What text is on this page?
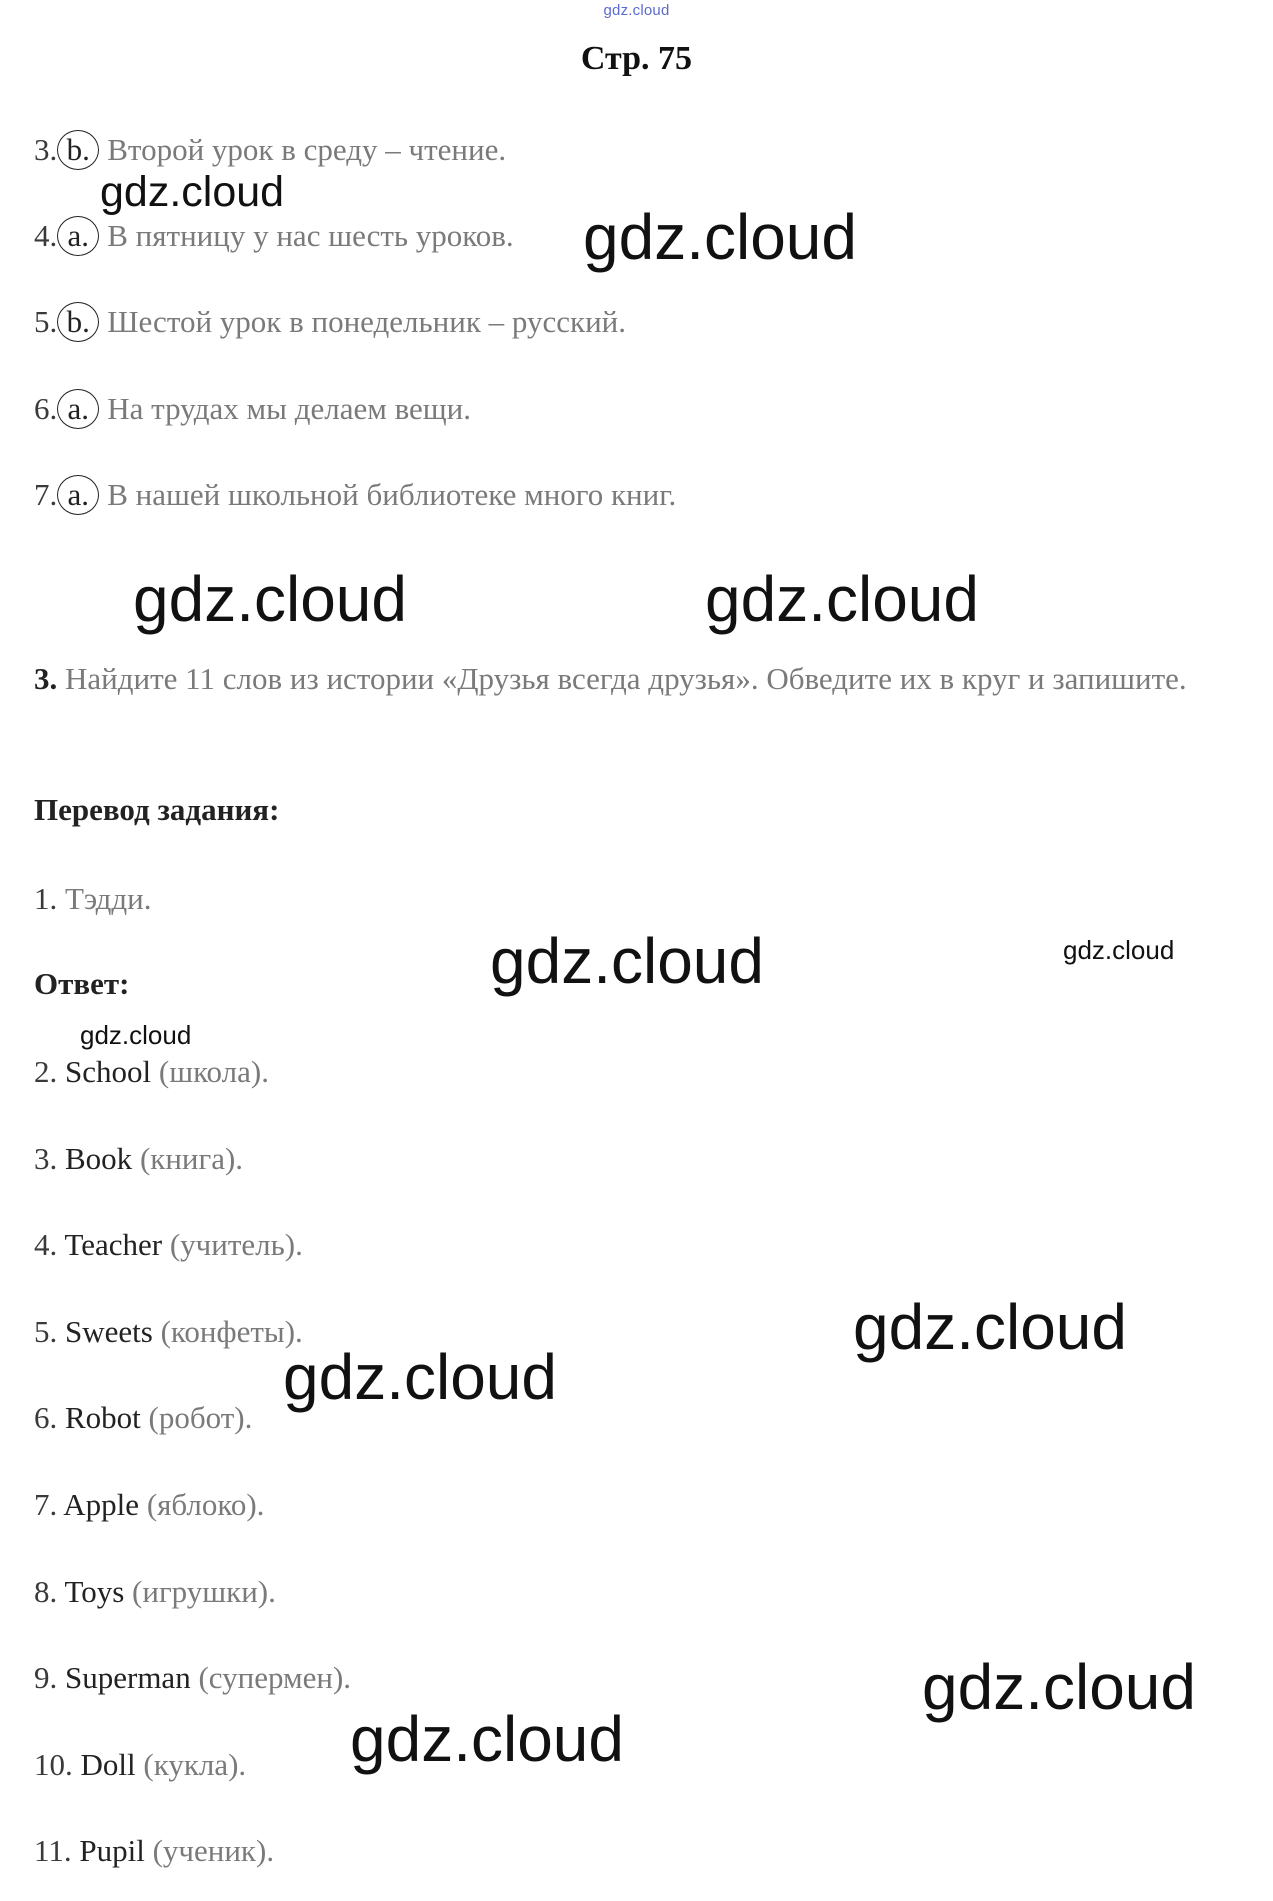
gdz.cloud
Стр. 75
3. b. Второй урок в среду – чтение.
4. a. В пятницу у нас шесть уроков.
5. b. Шестой урок в понедельник – русский.
6. a. На трудах мы делаем вещи.
7. a. В нашей школьной библиотеке много книг.
3. Найдите 11 слов из истории «Друзья всегда друзья». Обведите их в круг и запишите.
Перевод задания:
1. Тэдди.
Ответ:
2. School (школа).
3. Book (книга).
4. Teacher (учитель).
5. Sweets (конфеты).
6. Robot (робот).
7. Apple (яблоко).
8. Toys (игрушки).
9. Superman (супермен).
10. Doll (кукла).
11. Pupil (ученик).
gdz.cloud
gdz.cloud
gdz.cloud	gdz.cloud
gdz.cloud
gdz.cloud
gdz.cloud
gdz.cloud
gdz.cloud
gdz.cloud
gdz.cloud
